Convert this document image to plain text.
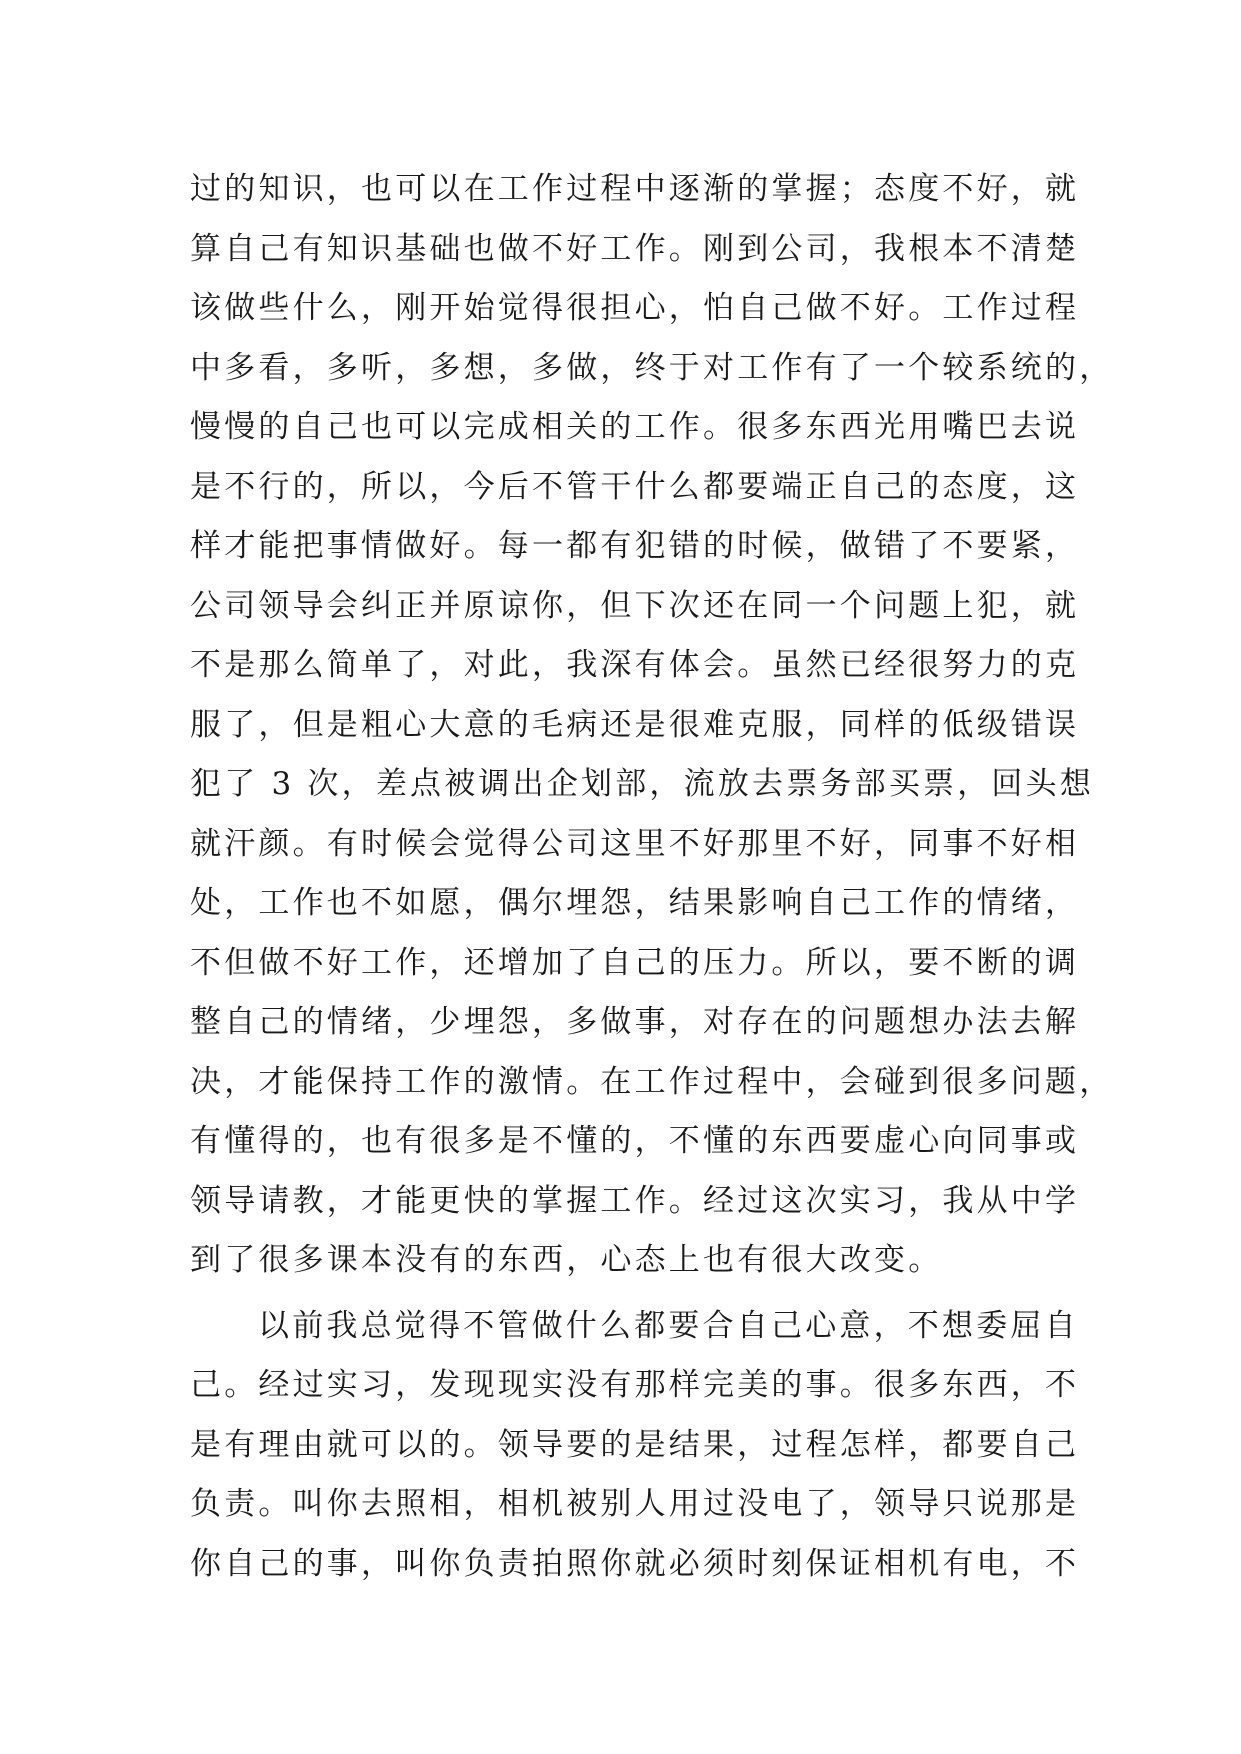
过的知识，也可以在工作过程中逐渐的掌握；态度不好，就
算自己有知识基础也做不好工作。刚到公司，我根本不清楚
该做些什么，刚开始觉得很担心，怕自己做不好。工作过程
中多看，多听，多想，多做，终于对工作有了一个较系统的，
慢慢的自己也可以完成相关的工作。很多东西光用嘴巴去说
是不行的，所以，今后不管干什么都要端正自己的态度，这
样才能把事情做好。每一都有犯错的时候，做错了不要紧，
公司领导会纠正并原谅你，但下次还在同一个问题上犯，就
不是那么简单了，对此，我深有体会。虽然已经很努力的克
服了，但是粗心大意的毛病还是很难克服，同样的低级错误
犯了 3 次，差点被调出企划部，流放去票务部买票，回头想
就汗颜。有时候会觉得公司这里不好那里不好，同事不好相
处，工作也不如愿，偶尔埋怨，结果影响自己工作的情绪，
不但做不好工作，还增加了自己的压力。所以，要不断的调
整自己的情绪，少埋怨，多做事，对存在的问题想办法去解
决，才能保持工作的激情。在工作过程中，会碰到很多问题，
有懂得的，也有很多是不懂的，不懂的东西要虚心向同事或
领导请教，才能更快的掌握工作。经过这次实习，我从中学
到了很多课本没有的东西，心态上也有很大改变。
以前我总觉得不管做什么都要合自己心意，不想委屈自
己。经过实习，发现现实没有那样完美的事。很多东西，不
是有理由就可以的。领导要的是结果，过程怎样，都要自己
负责。叫你去照相，相机被别人用过没电了，领导只说那是
你自己的事，叫你负责拍照你就必须时刻保证相机有电，不
